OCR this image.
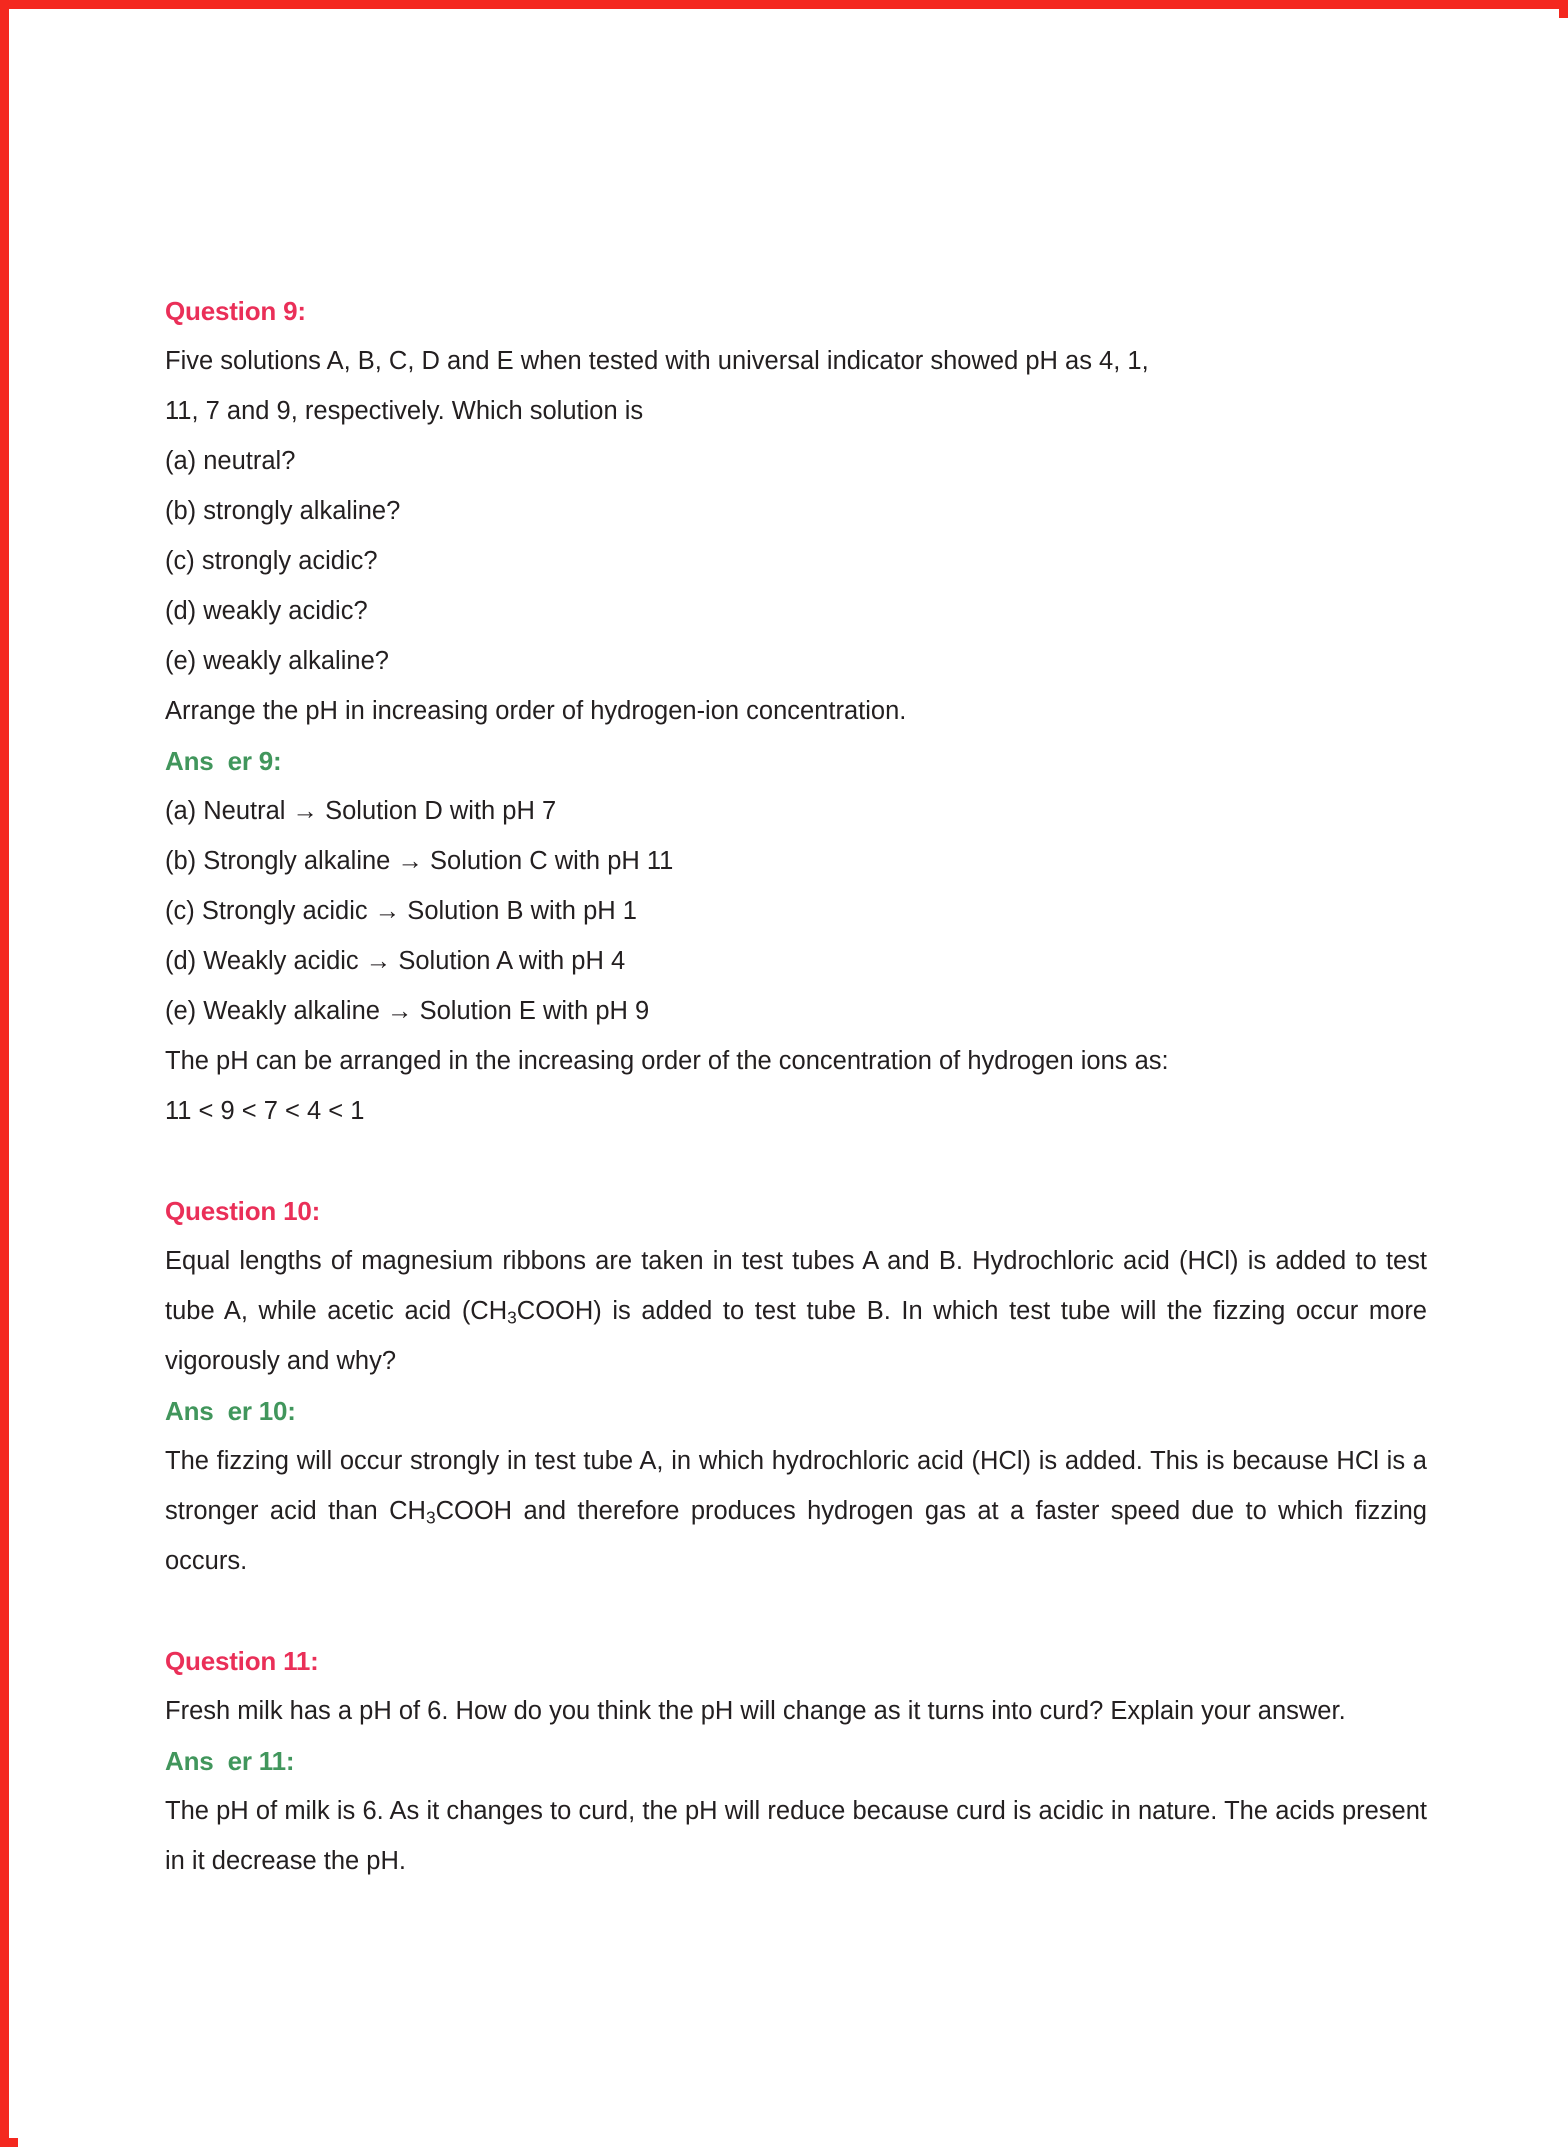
Question 9:
Five solutions A, B, C, D and E when tested with universal indicator showed pH as 4, 1,
11, 7 and 9, respectively. Which solution is
(a) neutral?
(b) strongly alkaline?
(c) strongly acidic?
(d) weakly acidic?
(e) weakly alkaline?
Arrange the pH in increasing order of hydrogen-ion concentration.
Ans  er 9:
(a) Neutral → Solution D with pH 7
(b) Strongly alkaline → Solution C with pH 11
(c) Strongly acidic → Solution B with pH 1
(d) Weakly acidic → Solution A with pH 4
(e) Weakly alkaline → Solution E with pH 9
The pH can be arranged in the increasing order of the concentration of hydrogen ions as:
11 < 9 < 7 < 4 < 1
Question 10:
Equal lengths of magnesium ribbons are taken in test tubes A and B. Hydrochloric acid (HCl) is added to test tube A, while acetic acid $(CH_3COOH)$ is added to test tube B. In which test tube will the fizzing occur more vigorously and why?
Ans  er 10:
The fizzing will occur strongly in test tube A, in which hydrochloric acid (HCl) is added. This is because HCl is a stronger acid than $CH_3COOH$ and therefore produces hydrogen gas at a faster speed due to which fizzing occurs.
Question 11:
Fresh milk has a pH of 6. How do you think the pH will change as it turns into curd? Explain your answer.
Ans  er 11:
The pH of milk is 6. As it changes to curd, the pH will reduce because curd is acidic in nature. The acids present in it decrease the pH.
